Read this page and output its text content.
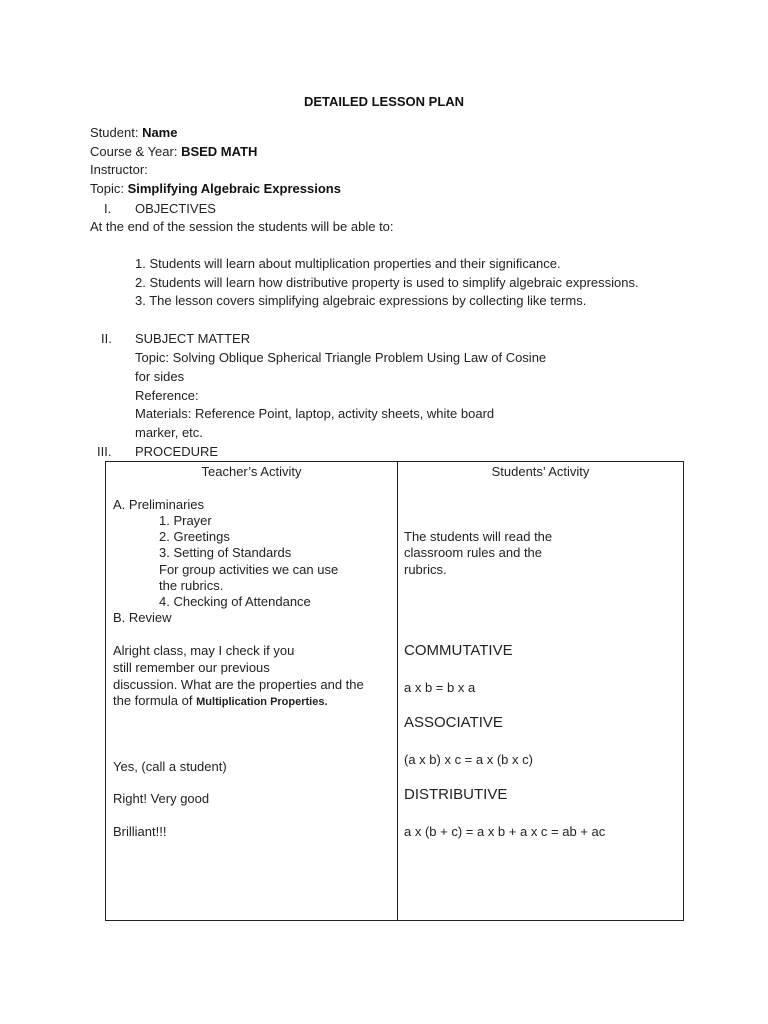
DETAILED LESSON PLAN
Student: Name
Course & Year: BSED MATH
Instructor:
Topic: Simplifying Algebraic Expressions
I. OBJECTIVES
At the end of the session the students will be able to:
1. Students will learn about multiplication properties and their significance.
2. Students will learn how distributive property is used to simplify algebraic expressions.
3. The lesson covers simplifying algebraic expressions by collecting like terms.
II. SUBJECT MATTER
Topic: Solving Oblique Spherical Triangle Problem Using Law of Cosine
for sides
Reference:
Materials: Reference Point, laptop, activity sheets, white board
marker, etc.
III. PROCEDURE
Teacher’s Activity	Students’ Activity
A. Preliminaries
1. Prayer
2. Greetings
3. Setting of Standards
For group activities we can use
the rubrics.
4. Checking of Attendance
B. Review
Alright class, may I check if you
still remember our previous
discussion. What are the properties and the
the formula of Multiplication Properties.
Yes, (call a student)
Right! Very good
Brilliant!!!
The students will read the
classroom rules and the
rubrics.
COMMUTATIVE
a x b = b x a
ASSOCIATIVE
(a x b) x c = a x (b x c)
DISTRIBUTIVE
a x (b + c) = a x b + a x c = ab + ac
